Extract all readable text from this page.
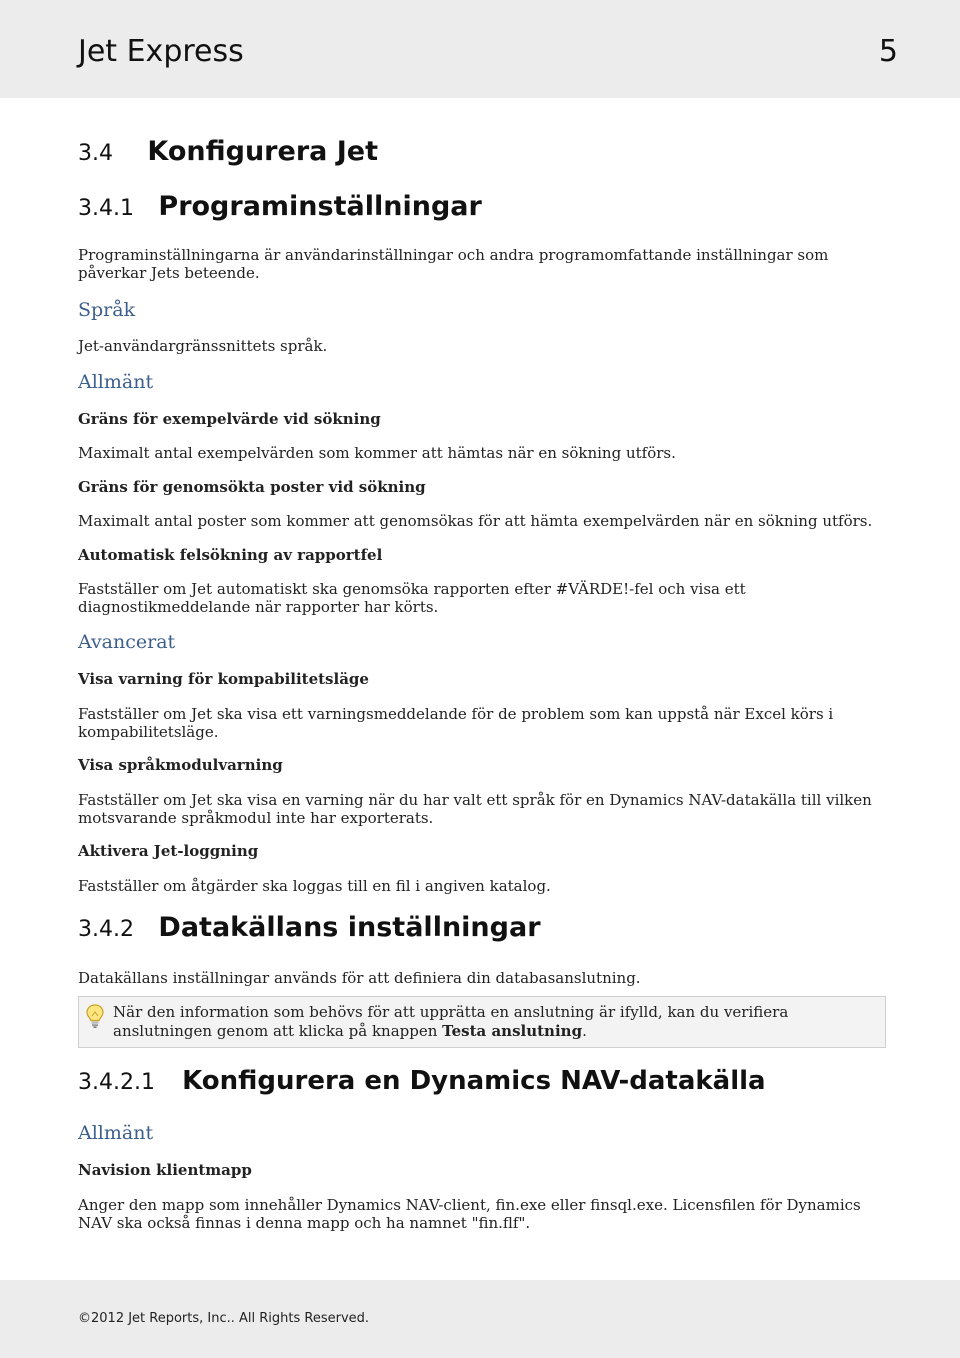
Jet Express	5
3.4 Konfigurera Jet
3.4.1 Programinställningar
Programinställningarna är användarinställningar och andra programomfattande inställningar som påverkar Jets beteende.
Språk
Jet-användargränssnittets språk.
Allmänt
Gräns för exempelvärde vid sökning
Maximalt antal exempelvärden som kommer att hämtas när en sökning utförs.
Gräns för genomsökta poster vid sökning
Maximalt antal poster som kommer att genomsökas för att hämta exempelvärden när en sökning utförs.
Automatisk felsökning av rapportfel
Fastställer om Jet automatiskt ska genomsöka rapporten efter #VÄRDE!-fel och visa ett diagnostikmeddelande när rapporter har körts.
Avancerat
Visa varning för kompabilitetsläge
Fastställer om Jet ska visa ett varningsmeddelande för de problem som kan uppstå när Excel körs i kompabilitetsläge.
Visa språkmodulvarning
Fastställer om Jet ska visa en varning när du har valt ett språk för en Dynamics NAV-datakälla till vilken motsvarande språkmodul inte har exporterats.
Aktivera Jet-loggning
Fastställer om åtgärder ska loggas till en fil i angiven katalog.
3.4.2 Datakällans inställningar
Datakällans inställningar används för att definiera din databasanslutning.
När den information som behövs för att upprätta en anslutning är ifylld, kan du verifiera anslutningen genom att klicka på knappen Testa anslutning.
3.4.2.1 Konfigurera en Dynamics NAV-datakälla
Allmänt
Navision klientmapp
Anger den mapp som innehåller Dynamics NAV-client, fin.exe eller finsql.exe. Licensfilen för Dynamics NAV ska också finnas i denna mapp och ha namnet "fin.flf".
©2012 Jet Reports, Inc.. All Rights Reserved.
